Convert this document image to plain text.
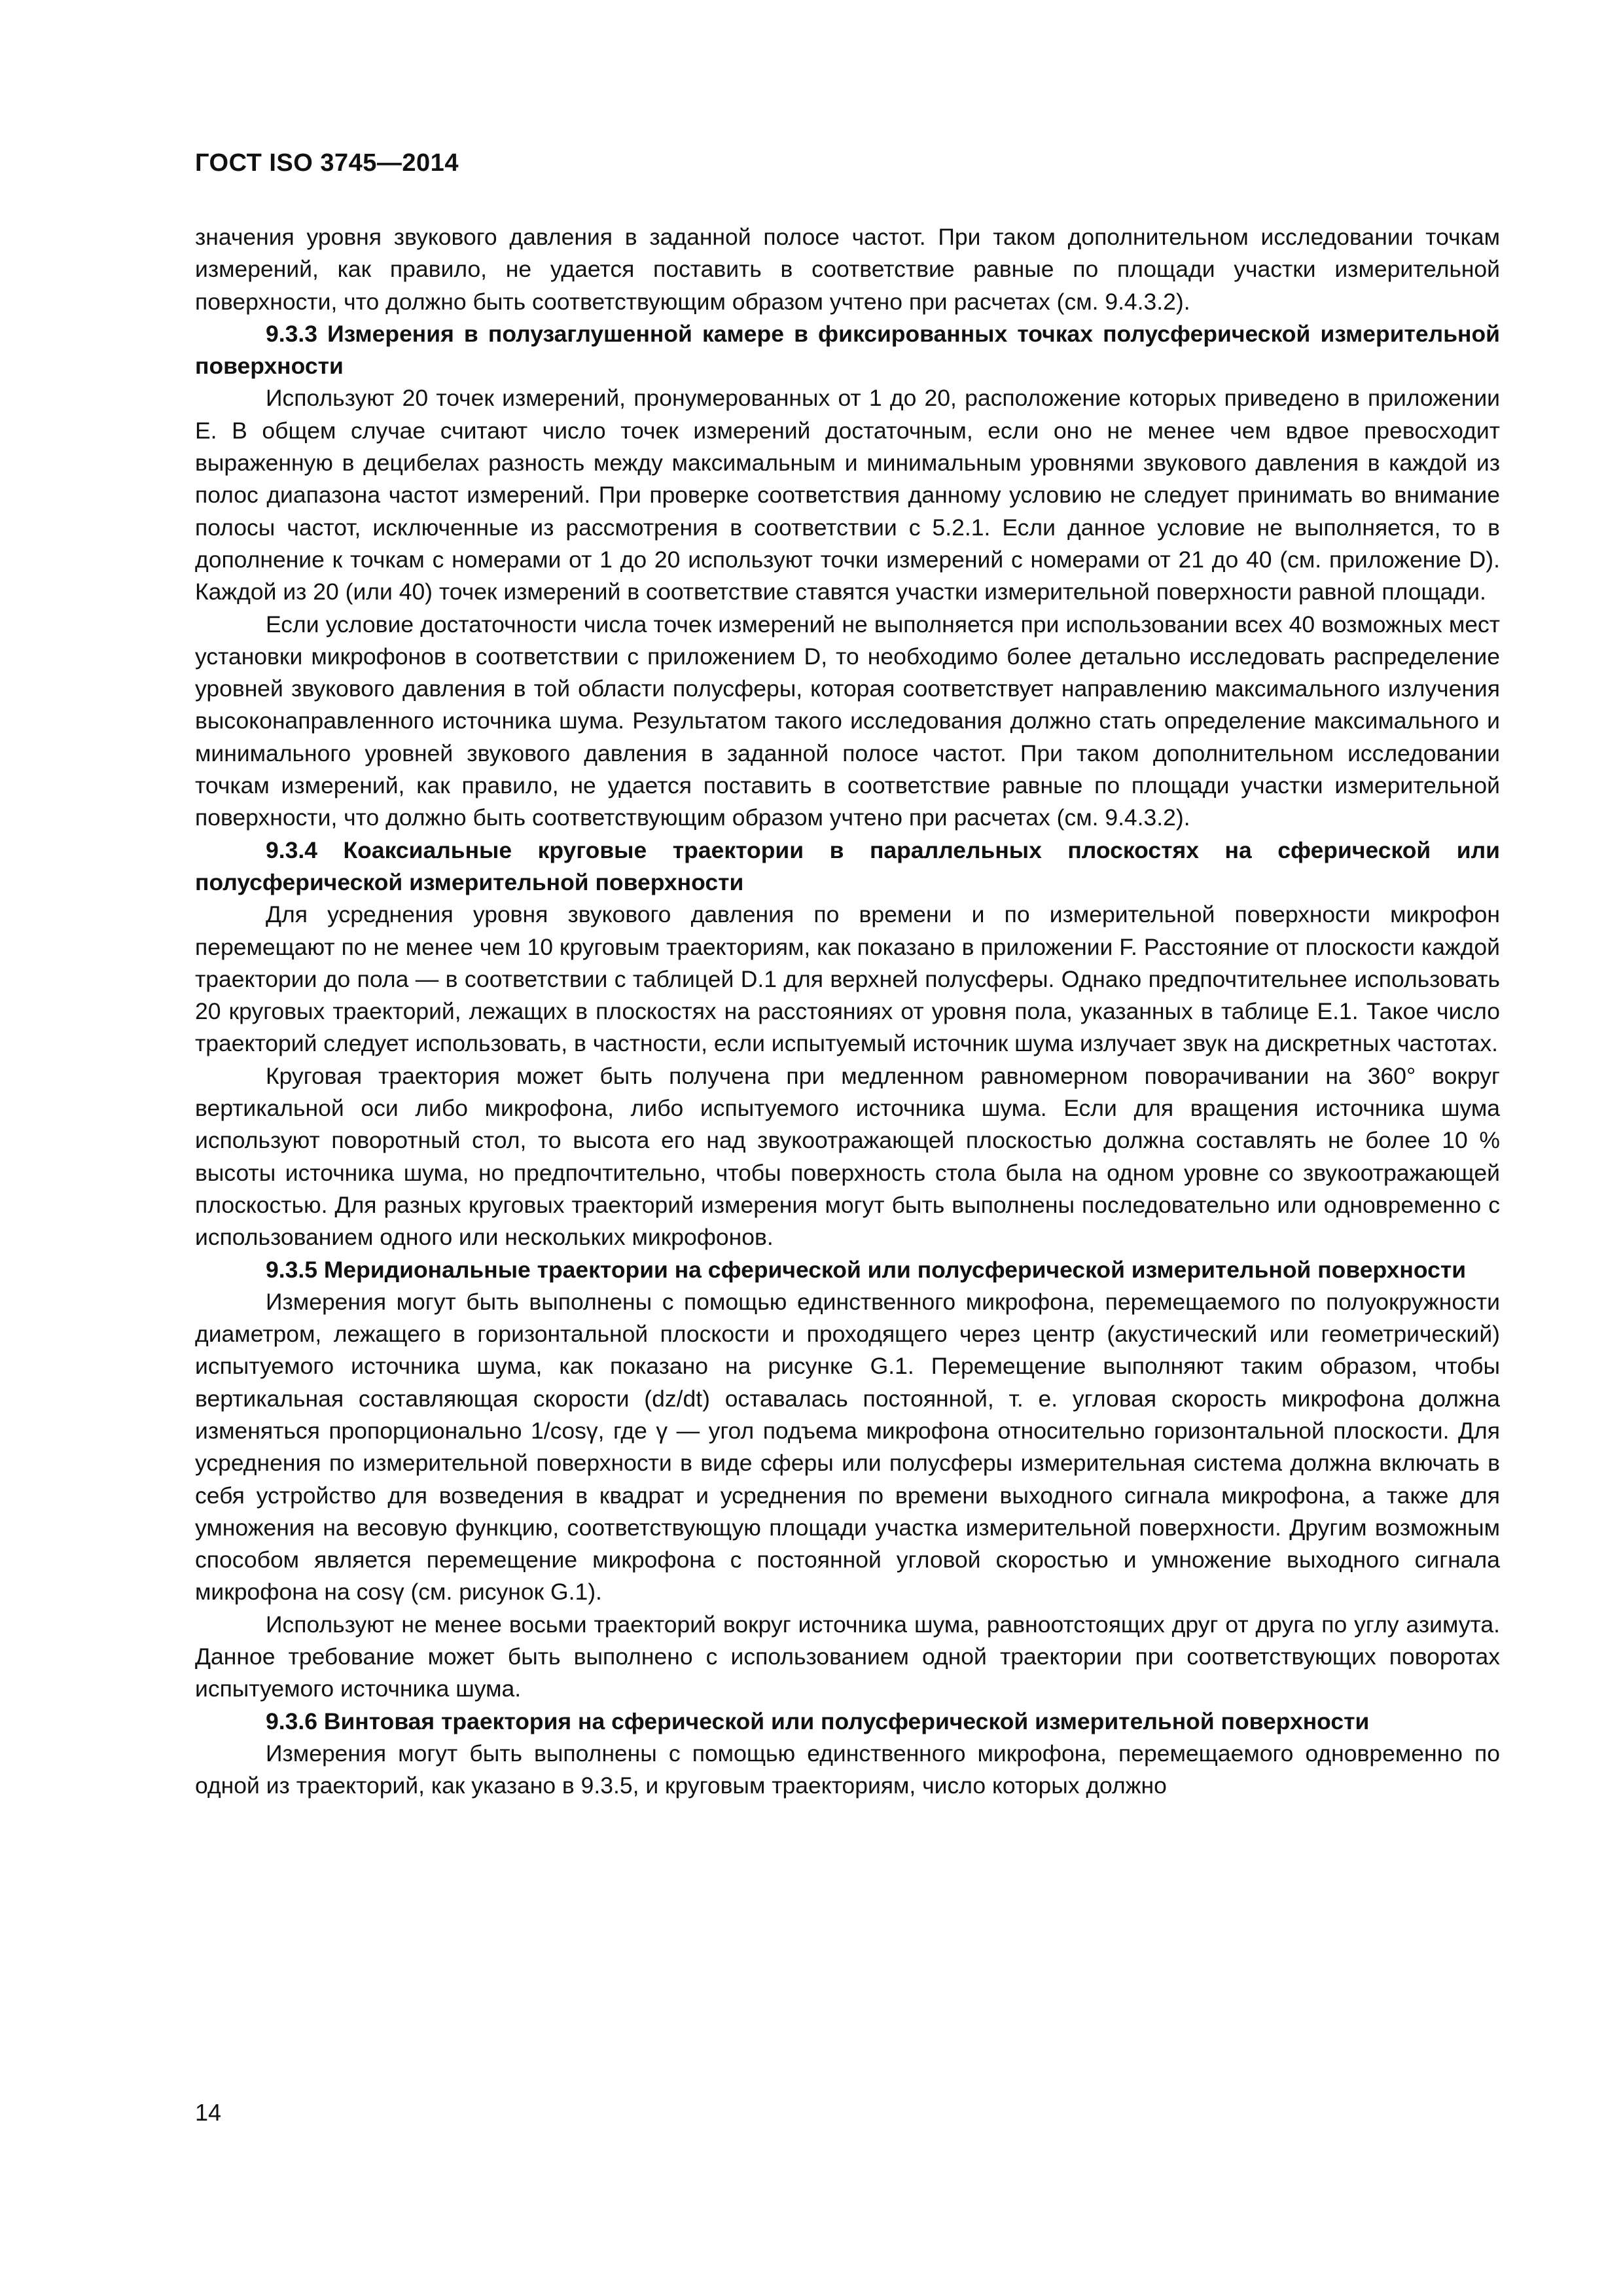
ГОСТ ISO 3745—2014

значения уровня звукового давления в заданной полосе частот. При таком дополнительном исследовании точкам измерений, как правило, не удается поставить в соответствие равные по площади участки измерительной поверхности, что должно быть соответствующим образом учтено при расчетах (см. 9.4.3.2).

9.3.3 Измерения в полузаглушенной камере в фиксированных точках полусферической измерительной поверхности

Используют 20 точек измерений, пронумерованных от 1 до 20, расположение которых приведено в приложении E. В общем случае считают число точек измерений достаточным, если оно не менее чем вдвое превосходит выраженную в децибелах разность между максимальным и минимальным уровнями звукового давления в каждой из полос диапазона частот измерений. При проверке соответствия данному условию не следует принимать во внимание полосы частот, исключенные из рассмотрения в соответствии с 5.2.1. Если данное условие не выполняется, то в дополнение к точкам с номерами от 1 до 20 используют точки измерений с номерами от 21 до 40 (см. приложение D). Каждой из 20 (или 40) точек измерений в соответствие ставятся участки измерительной поверхности равной площади.

Если условие достаточности числа точек измерений не выполняется при использовании всех 40 возможных мест установки микрофонов в соответствии с приложением D, то необходимо более детально исследовать распределение уровней звукового давления в той области полусферы, которая соответствует направлению максимального излучения высоконаправленного источника шума. Результатом такого исследования должно стать определение максимального и минимального уровней звукового давления в заданной полосе частот. При таком дополнительном исследовании точкам измерений, как правило, не удается поставить в соответствие равные по площади участки измерительной поверхности, что должно быть соответствующим образом учтено при расчетах (см. 9.4.3.2).

9.3.4 Коаксиальные круговые траектории в параллельных плоскостях на сферической или полусферической измерительной поверхности

Для усреднения уровня звукового давления по времени и по измерительной поверхности микрофон перемещают по не менее чем 10 круговым траекториям, как показано в приложении F. Расстояние от плоскости каждой траектории до пола — в соответствии с таблицей D.1 для верхней полусферы. Однако предпочтительнее использовать 20 круговых траекторий, лежащих в плоскостях на расстояниях от уровня пола, указанных в таблице E.1. Такое число траекторий следует использовать, в частности, если испытуемый источник шума излучает звук на дискретных частотах.

Круговая траектория может быть получена при медленном равномерном поворачивании на 360° вокруг вертикальной оси либо микрофона, либо испытуемого источника шума. Если для вращения источника шума используют поворотный стол, то высота его над звукоотражающей плоскостью должна составлять не более 10 % высоты источника шума, но предпочтительно, чтобы поверхность стола была на одном уровне со звукоотражающей плоскостью. Для разных круговых траекторий измерения могут быть выполнены последовательно или одновременно с использованием одного или нескольких микрофонов.

9.3.5 Меридиональные траектории на сферической или полусферической измерительной поверхности

Измерения могут быть выполнены с помощью единственного микрофона, перемещаемого по полуокружности диаметром, лежащего в горизонтальной плоскости и проходящего через центр (акустический или геометрический) испытуемого источника шума, как показано на рисунке G.1. Перемещение выполняют таким образом, чтобы вертикальная составляющая скорости (dz/dt) оставалась постоянной, т. е. угловая скорость микрофона должна изменяться пропорционально 1/cosγ, где γ — угол подъема микрофона относительно горизонтальной плоскости. Для усреднения по измерительной поверхности в виде сферы или полусферы измерительная система должна включать в себя устройство для возведения в квадрат и усреднения по времени выходного сигнала микрофона, а также для умножения на весовую функцию, соответствующую площади участка измерительной поверхности. Другим возможным способом является перемещение микрофона с постоянной угловой скоростью и умножение выходного сигнала микрофона на cosγ (см. рисунок G.1).

Используют не менее восьми траекторий вокруг источника шума, равноотстоящих друг от друга по углу азимута. Данное требование может быть выполнено с использованием одной траектории при соответствующих поворотах испытуемого источника шума.

9.3.6 Винтовая траектория на сферической или полусферической измерительной поверхности

Измерения могут быть выполнены с помощью единственного микрофона, перемещаемого одновременно по одной из траекторий, как указано в 9.3.5, и круговым траекториям, число которых должно

14
